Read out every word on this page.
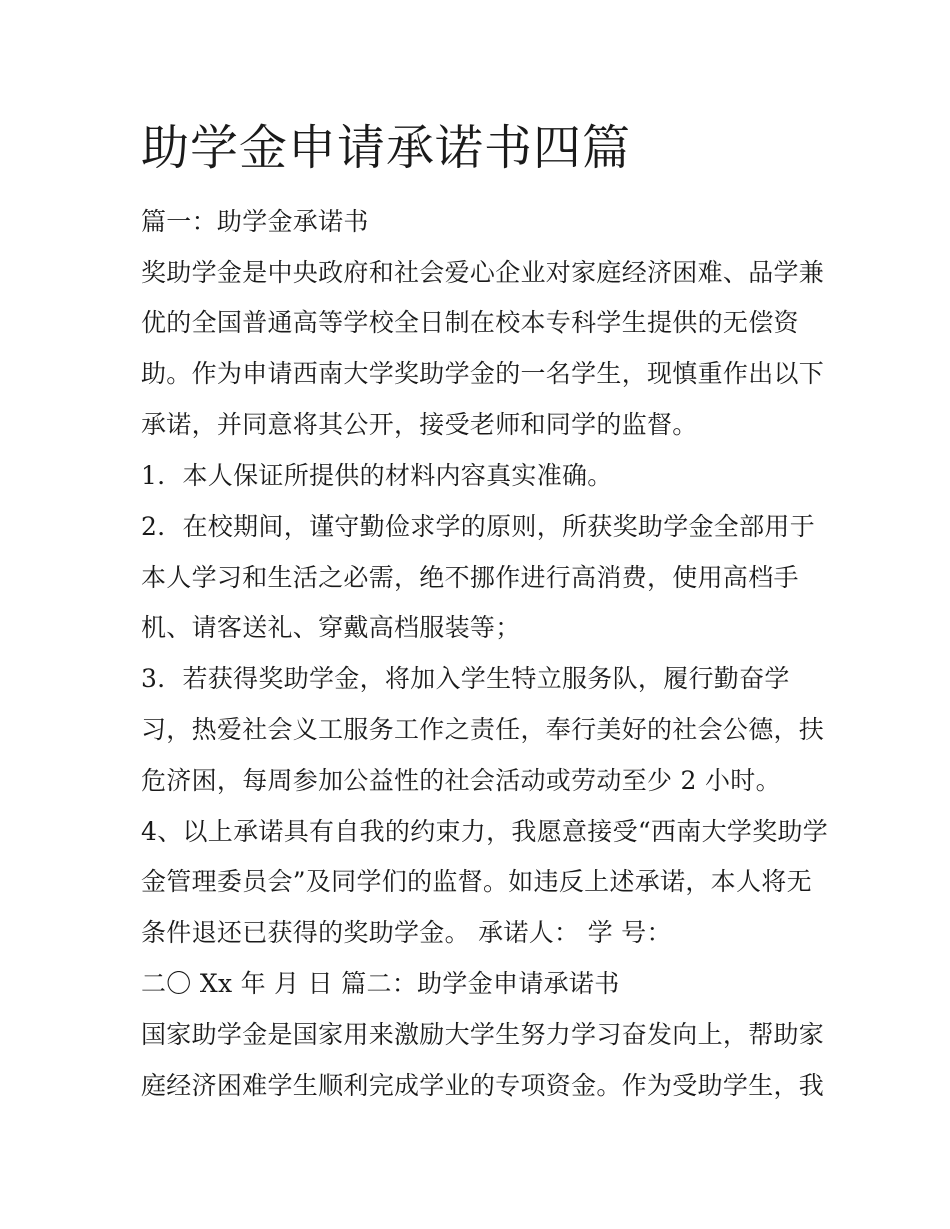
助学金申请承诺书四篇
篇一：助学金承诺书
奖助学金是中央政府和社会爱心企业对家庭经济困难、品学兼
优的全国普通高等学校全日制在校本专科学生提供的无偿资
助。作为申请西南大学奖助学金的一名学生，现慎重作出以下
承诺，并同意将其公开，接受老师和同学的监督。
1．本人保证所提供的材料内容真实准确。
2．在校期间，谨守勤俭求学的原则，所获奖助学金全部用于
本人学习和生活之必需，绝不挪作进行高消费，使用高档手
机、请客送礼、穿戴高档服装等；
3．若获得奖助学金，将加入学生特立服务队，履行勤奋学
习，热爱社会义工服务工作之责任，奉行美好的社会公德，扶
危济困，每周参加公益性的社会活动或劳动至少 2 小时。
4、以上承诺具有自我的约束力，我愿意接受“西南大学奖助学
金管理委员会”及同学们的监督。如违反上述承诺，本人将无
条件退还已获得的奖助学金。 承诺人： 学 号：
二〇 Xx 年 月 日 篇二：助学金申请承诺书
国家助学金是国家用来激励大学生努力学习奋发向上，帮助家
庭经济困难学生顺利完成学业的专项资金。作为受助学生，我
